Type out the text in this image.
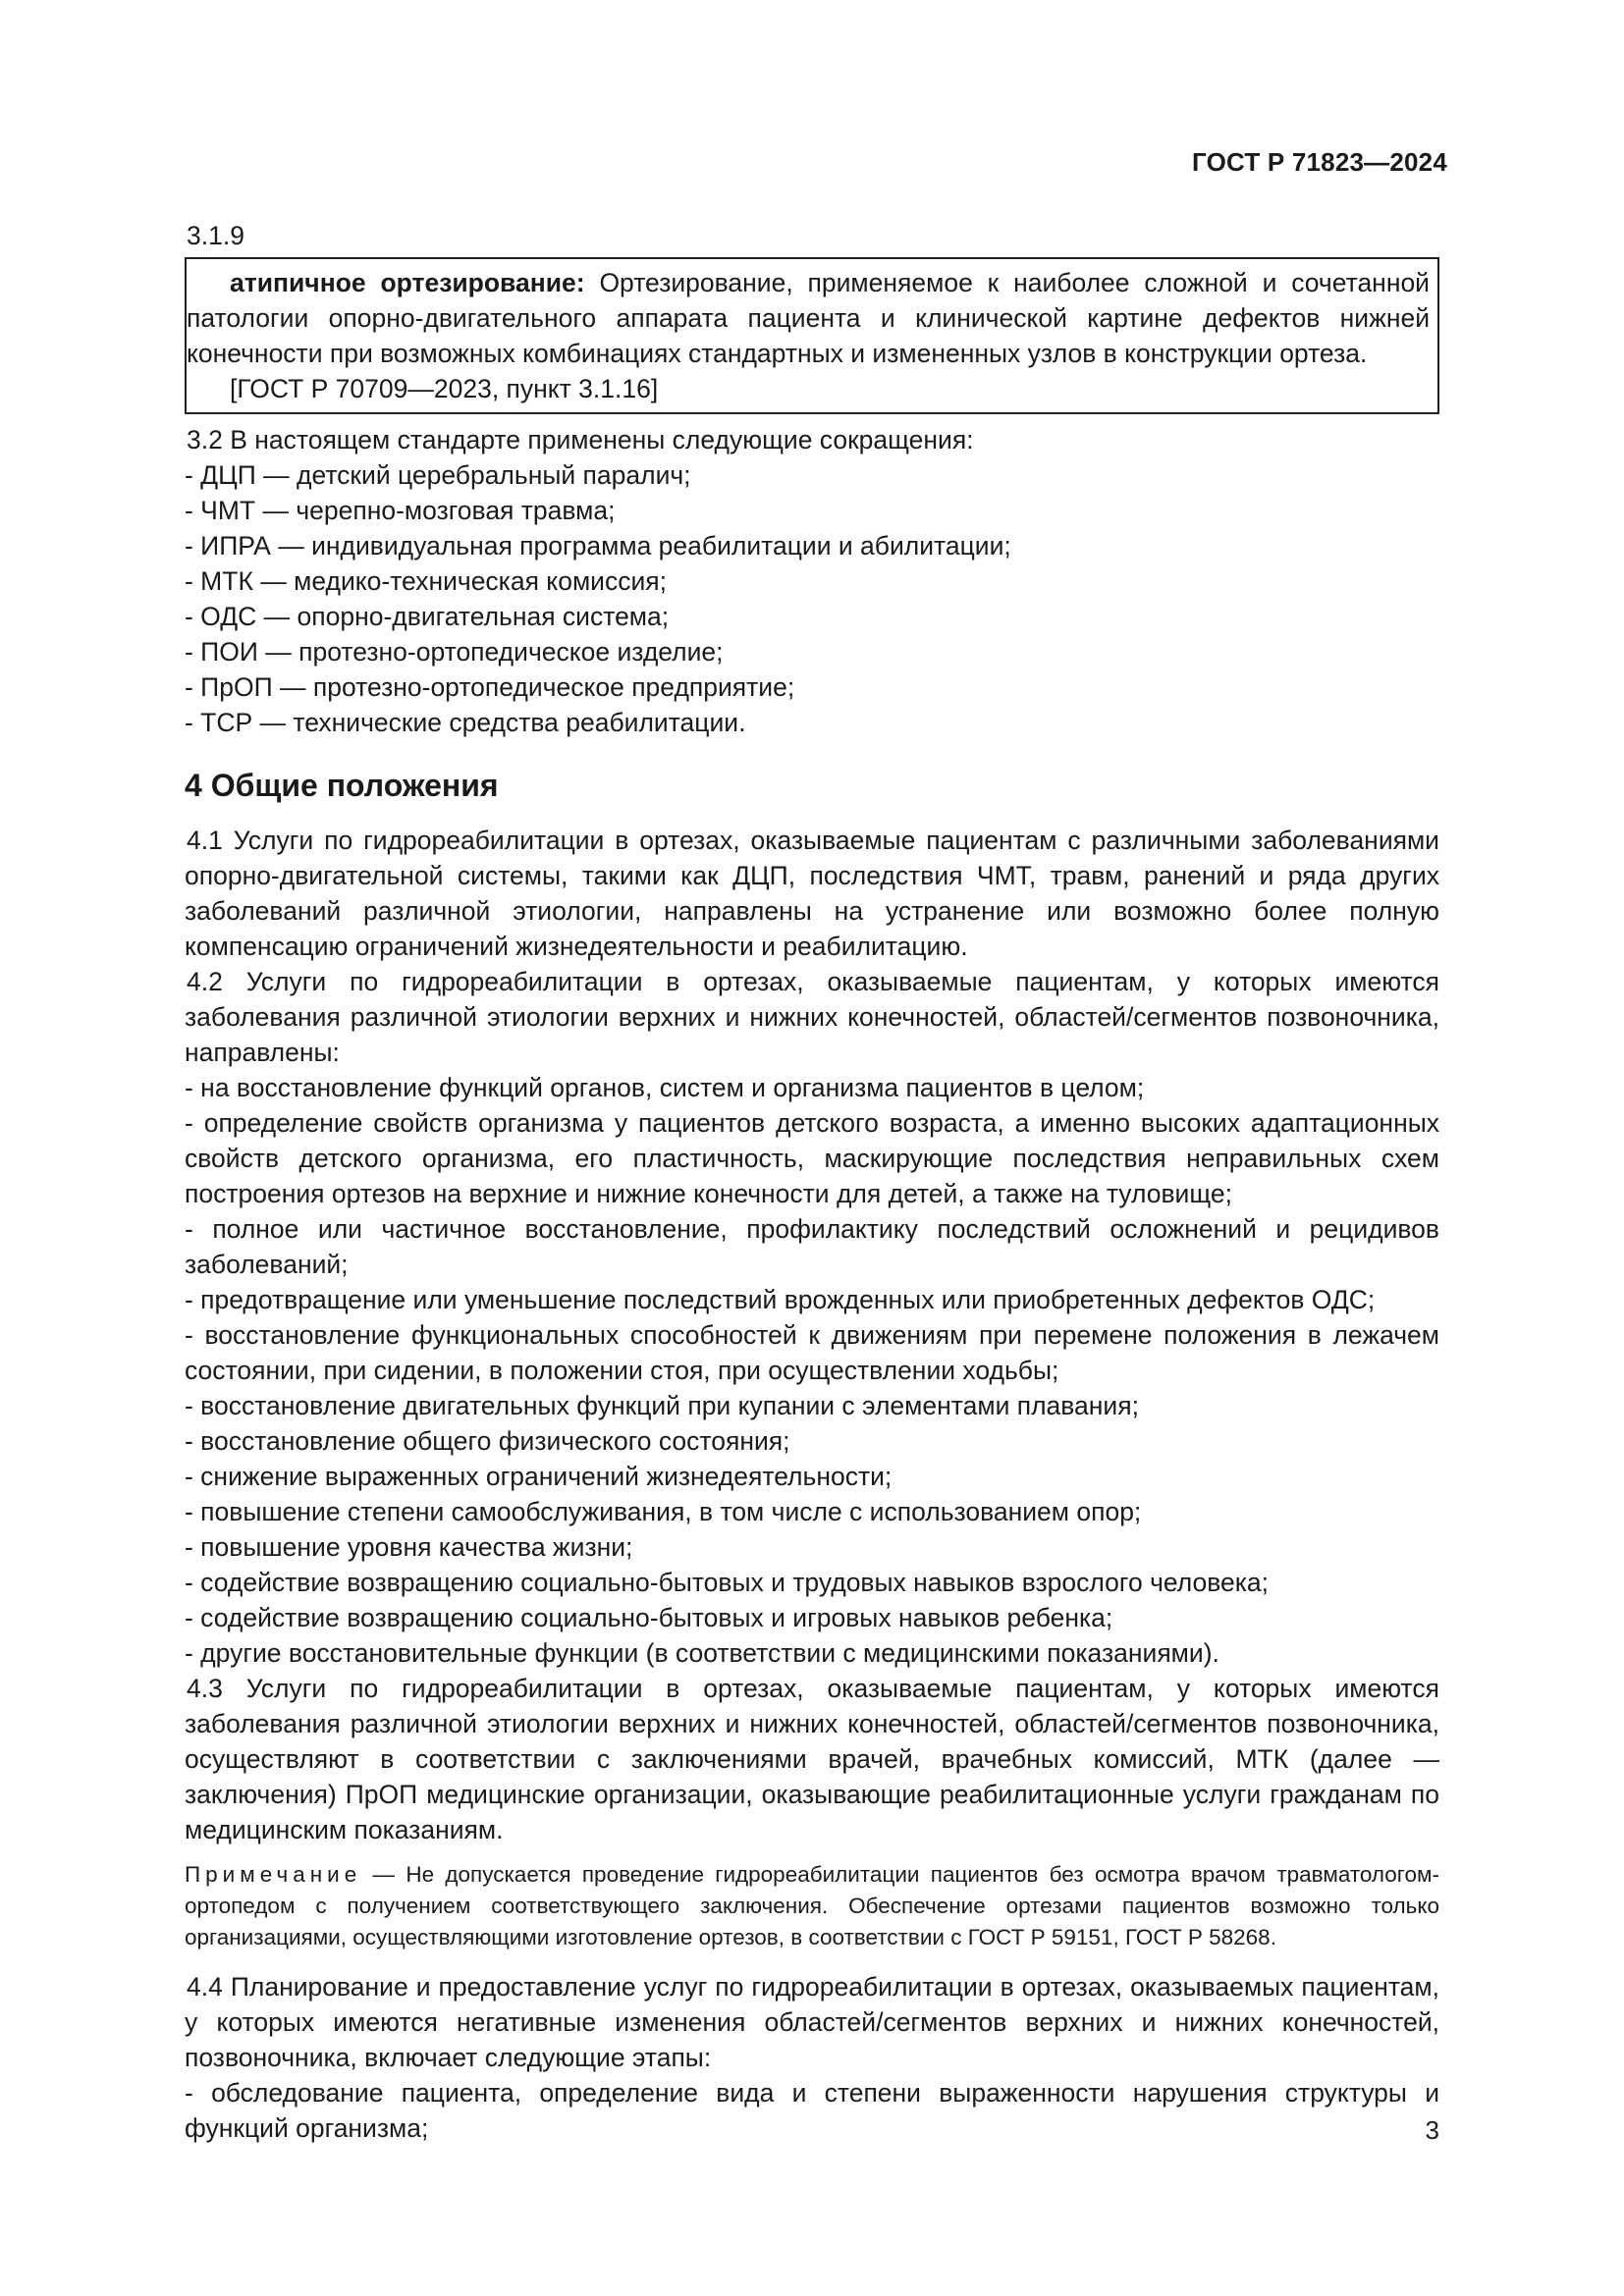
ГОСТ Р 71823—2024
3.1.9

атипичное ортезирование: Ортезирование, применяемое к наиболее сложной и сочетанной патологии опорно-двигательного аппарата пациента и клинической картине дефектов нижней конечности при возможных комбинациях стандартных и измененных узлов в конструкции ортеза.

[ГОСТ Р 70709—2023, пункт 3.1.16]

3.2 В настоящем стандарте применены следующие сокращения:

- ДЦП — детский церебральный паралич;

- ЧМТ — черепно-мозговая травма;

- ИПРА — индивидуальная программа реабилитации и абилитации;

- МТК — медико-техническая комиссия;

- ОДС — опорно-двигательная система;

- ПОИ — протезно-ортопедическое изделие;

- ПрОП — протезно-ортопедическое предприятие;

- ТСР — технические средства реабилитации.

4 Общие положения

4.1 Услуги по гидрореабилитации в ортезах, оказываемые пациентам с различными заболеваниями опорно-двигательной системы, такими как ДЦП, последствия ЧМТ, травм, ранений и ряда других заболеваний различной этиологии, направлены на устранение или возможно более полную компенсацию ограничений жизнедеятельности и реабилитацию.

4.2 Услуги по гидрореабилитации в ортезах, оказываемые пациентам, у которых имеются заболевания различной этиологии верхних и нижних конечностей, областей/сегментов позвоночника, направлены:

- на восстановление функций органов, систем и организма пациентов в целом;

- определение свойств организма у пациентов детского возраста, а именно высоких адаптационных свойств детского организма, его пластичность, маскирующие последствия неправильных схем построения ортезов на верхние и нижние конечности для детей, а также на туловище;

- полное или частичное восстановление, профилактику последствий осложнений и рецидивов заболеваний;

- предотвращение или уменьшение последствий врожденных или приобретенных дефектов ОДС;

- восстановление функциональных способностей к движениям при перемене положения в лежачем состоянии, при сидении, в положении стоя, при осуществлении ходьбы;

- восстановление двигательных функций при купании с элементами плавания;

- восстановление общего физического состояния;

- снижение выраженных ограничений жизнедеятельности;

- повышение степени самообслуживания, в том числе с использованием опор;

- повышение уровня качества жизни;

- содействие возвращению социально-бытовых и трудовых навыков взрослого человека;

- содействие возвращению социально-бытовых и игровых навыков ребенка;

- другие восстановительные функции (в соответствии с медицинскими показаниями).

4.3 Услуги по гидрореабилитации в ортезах, оказываемые пациентам, у которых имеются заболевания различной этиологии верхних и нижних конечностей, областей/сегментов позвоночника, осуществляют в соответствии с заключениями врачей, врачебных комиссий, МТК (далее — заключения) ПрОП медицинские организации, оказывающие реабилитационные услуги гражданам по медицинским показаниям.

Примечание — Не допускается проведение гидрореабилитации пациентов без осмотра врачом травматологом-ортопедом с получением соответствующего заключения. Обеспечение ортезами пациентов возможно только организациями, осуществляющими изготовление ортезов, в соответствии с ГОСТ Р 59151, ГОСТ Р 58268.

4.4 Планирование и предоставление услуг по гидрореабилитации в ортезах, оказываемых пациентам, у которых имеются негативные изменения областей/сегментов верхних и нижних конечностей, позвоночника, включает следующие этапы:

- обследование пациента, определение вида и степени выраженности нарушения структуры и функций организма;	3
